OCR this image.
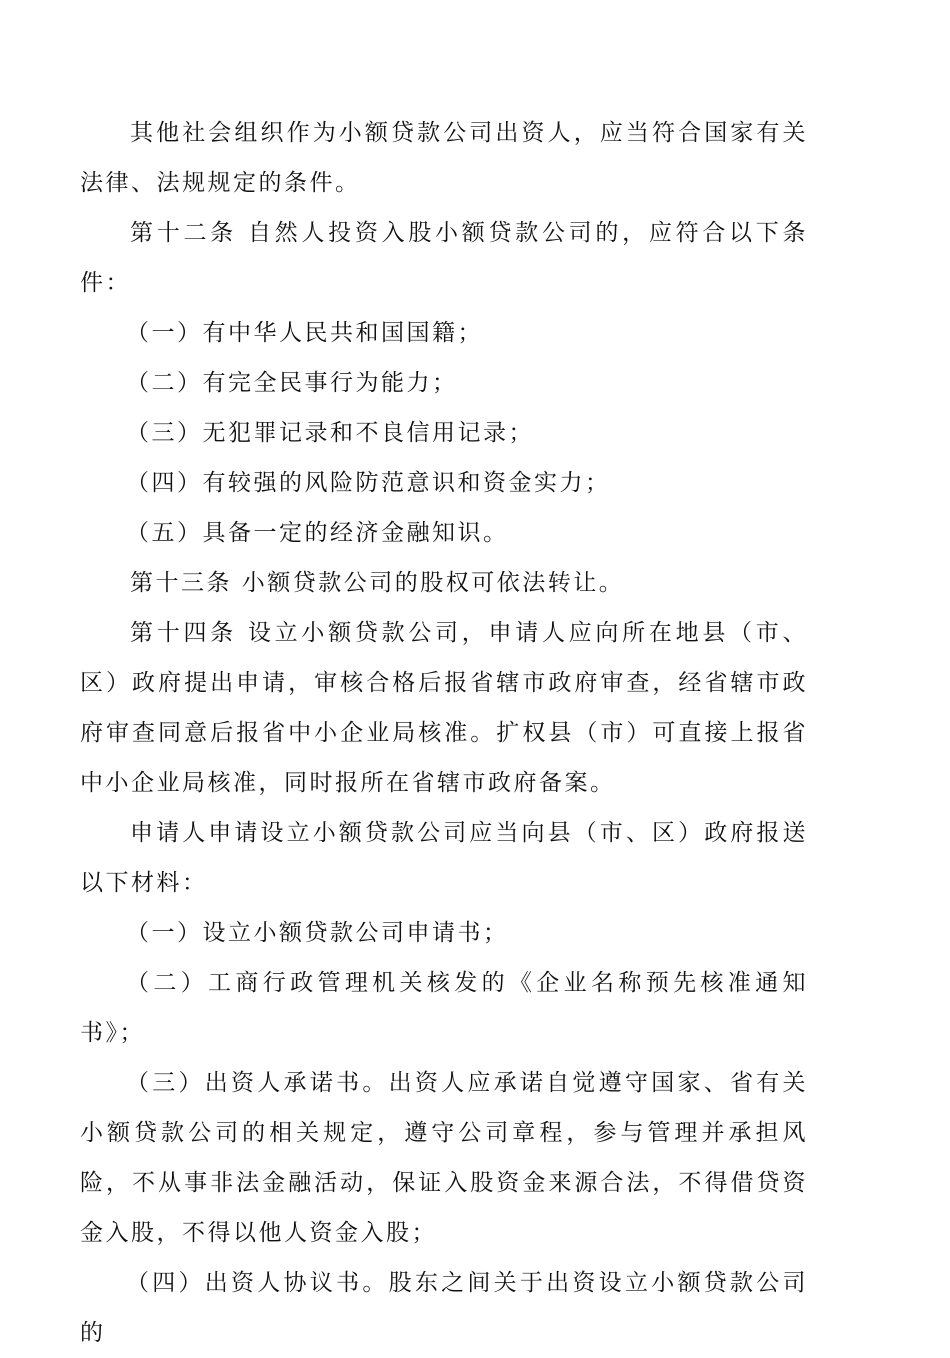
其他社会组织作为小额贷款公司出资人，应当符合国家有关法律、法规规定的条件。

第十二条 自然人投资入股小额贷款公司的，应符合以下条件：

（一）有中华人民共和国国籍；

（二）有完全民事行为能力；

（三）无犯罪记录和不良信用记录；

（四）有较强的风险防范意识和资金实力；

（五）具备一定的经济金融知识。

第十三条 小额贷款公司的股权可依法转让。

第十四条 设立小额贷款公司，申请人应向所在地县（市、区）政府提出申请，审核合格后报省辖市政府审查，经省辖市政府审查同意后报省中小企业局核准。扩权县（市）可直接上报省中小企业局核准，同时报所在省辖市政府备案。

申请人申请设立小额贷款公司应当向县（市、区）政府报送以下材料：

（一）设立小额贷款公司申请书；

（二）工商行政管理机关核发的《企业名称预先核准通知书》；

（三）出资人承诺书。出资人应承诺自觉遵守国家、省有关小额贷款公司的相关规定，遵守公司章程，参与管理并承担风险，不从事非法金融活动，保证入股资金来源合法，不得借贷资金入股，不得以他人资金入股；

（四）出资人协议书。股东之间关于出资设立小额贷款公司的
